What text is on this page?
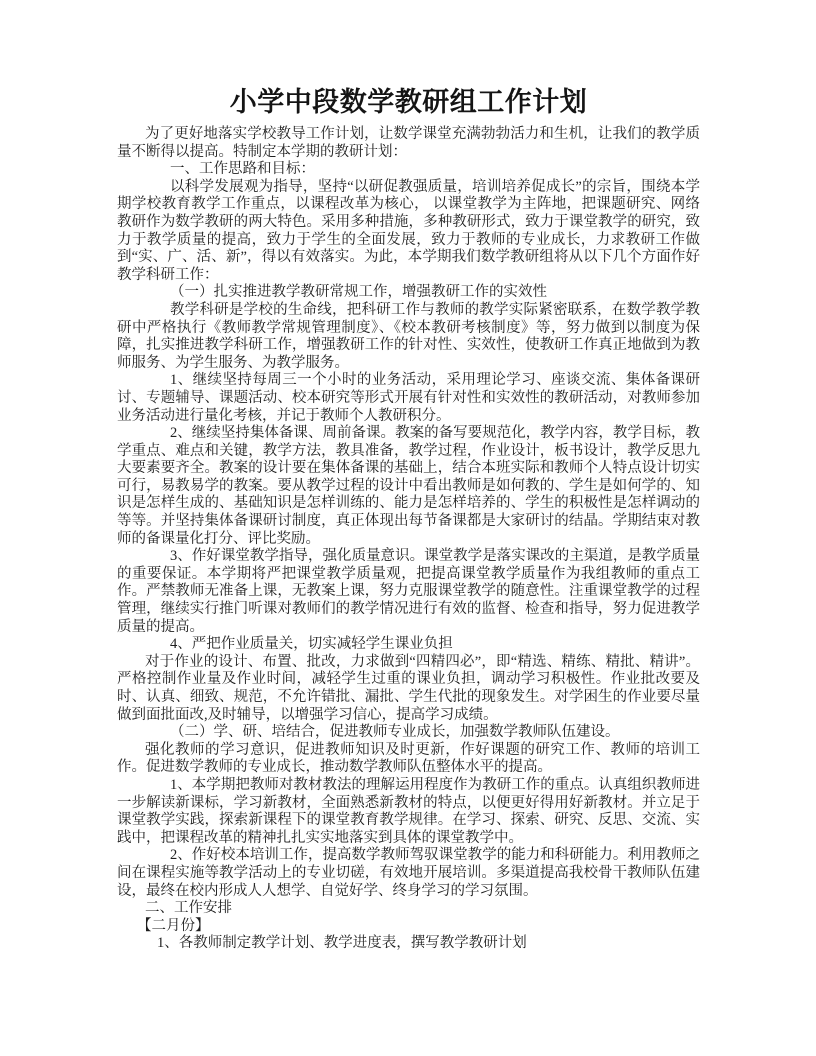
小学中段数学教研组工作计划

为了更好地落实学校教导工作计划，让数学课堂充满勃勃活力和生机，让我们的教学质量不断得以提高。特制定本学期的教研计划：

一、工作思路和目标：

以科学发展观为指导，坚持“以研促教强质量，培训培养促成长”的宗旨，围绕本学期学校教育教学工作重点，以课程改革为核心， 以课堂教学为主阵地，把课题研究、网络教研作为数学教研的两大特色。采用多种措施，多种教研形式，致力于课堂教学的研究，致力于教学质量的提高，致力于学生的全面发展，致力于教师的专业成长，力求教研工作做到“实、广、活、新”，得以有效落实。为此，本学期我们数学教研组将从以下几个方面作好教学科研工作：

（一）扎实推进教学教研常规工作，增强教研工作的实效性

教学科研是学校的生命线，把科研工作与教师的教学实际紧密联系，在数学教学教研中严格执行《教师教学常规管理制度》、《校本教研考核制度》等，努力做到以制度为保障，扎实推进教学科研工作，增强教研工作的针对性、实效性，使教研工作真正地做到为教师服务、为学生服务、为教学服务。

1、继续坚持每周三一个小时的业务活动，采用理论学习、座谈交流、集体备课研讨、专题辅导、课题活动、校本研究等形式开展有针对性和实效性的教研活动，对教师参加业务活动进行量化考核，并记于教师个人教研积分。

2、继续坚持集体备课、周前备课。教案的备写要规范化，教学内容，教学目标，教学重点、难点和关键，教学方法，教具准备，教学过程，作业设计，板书设计，教学反思九大要素要齐全。教案的设计要在集体备课的基础上，结合本班实际和教师个人特点设计切实可行，易教易学的教案。要从教学过程的设计中看出教师是如何教的、学生是如何学的、知识是怎样生成的、基础知识是怎样训练的、能力是怎样培养的、学生的积极性是怎样调动的等等。并坚持集体备课研讨制度，真正体现出每节备课都是大家研讨的结晶。学期结束对教师的备课量化打分、评比奖励。

3、作好课堂教学指导，强化质量意识。课堂教学是落实课改的主渠道，是教学质量的重要保证。本学期将严把课堂教学质量观，把提高课堂教学质量作为我组教师的重点工作。严禁教师无准备上课，无教案上课，努力克服课堂教学的随意性。注重课堂教学的过程管理，继续实行推门听课对教师们的教学情况进行有效的监督、检查和指导，努力促进教学质量的提高。

4、严把作业质量关，切实减轻学生课业负担

对于作业的设计、布置、批改，力求做到“四精四必”，即“精选、精练、精批、精讲”。严格控制作业量及作业时间，减轻学生过重的课业负担，调动学习积极性。作业批改要及时、认真、细致、规范，不允许错批、漏批、学生代批的现象发生。对学困生的作业要尽量做到面批面改,及时辅导，以增强学习信心，提高学习成绩。

（二）学、研、培结合，促进教师专业成长，加强数学教师队伍建设。

强化教师的学习意识，促进教师知识及时更新，作好课题的研究工作、教师的培训工作。促进数学教师的专业成长，推动数学教师队伍整体水平的提高。

1、本学期把教师对教材教法的理解运用程度作为教研工作的重点。认真组织教师进一步解读新课标，学习新教材，全面熟悉新教材的特点，以便更好得用好新教材。并立足于课堂教学实践，探索新课程下的课堂教育教学规律。在学习、探索、研究、反思、交流、实践中，把课程改革的精神扎扎实实地落实到具体的课堂教学中。

2、作好校本培训工作，提高数学教师驾驭课堂教学的能力和科研能力。利用教师之间在课程实施等教学活动上的专业切磋，有效地开展培训。多渠道提高我校骨干教师队伍建设，最终在校内形成人人想学、自觉好学、终身学习的学习氛围。

二、工作安排

【二月份】

1、各教师制定教学计划、教学进度表，撰写教学教研计划
